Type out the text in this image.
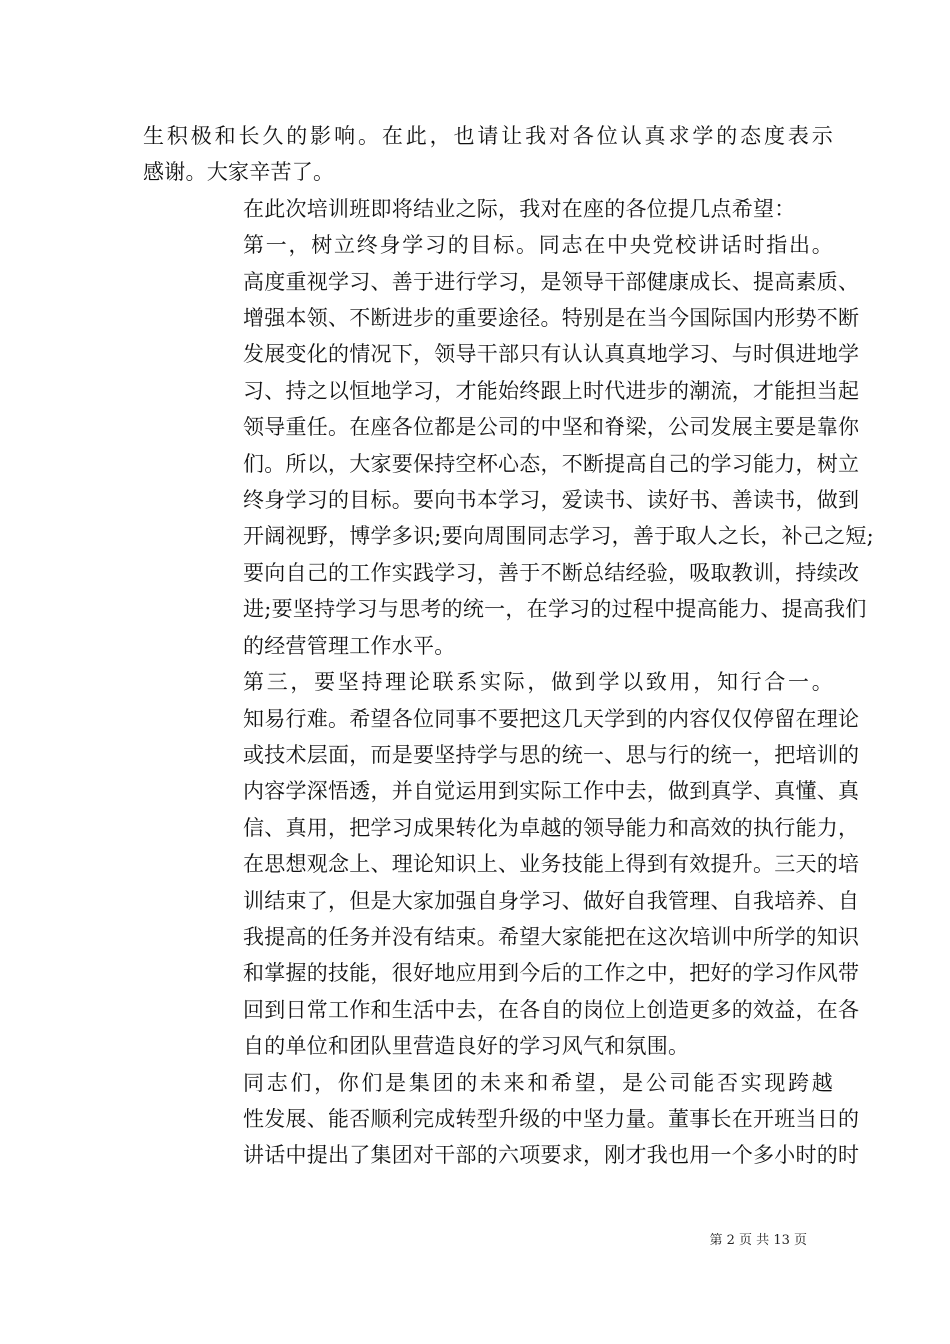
生积极和长久的影响。在此，也请让我对各位认真求学的态度表示
感谢。大家辛苦了。

在此次培训班即将结业之际，我对在座的各位提几点希望：

第一，树立终身学习的目标。同志在中央党校讲话时指出。
高度重视学习、善于进行学习，是领导干部健康成长、提高素质、
增强本领、不断进步的重要途径。特别是在当今国际国内形势不断
发展变化的情况下，领导干部只有认认真真地学习、与时俱进地学
习、持之以恒地学习，才能始终跟上时代进步的潮流，才能担当起
领导重任。在座各位都是公司的中坚和脊梁，公司发展主要是靠你
们。所以，大家要保持空杯心态，不断提高自己的学习能力，树立
终身学习的目标。要向书本学习，爱读书、读好书、善读书，做到
开阔视野，博学多识;要向周围同志学习，善于取人之长，补己之短;
要向自己的工作实践学习，善于不断总结经验，吸取教训，持续改
进;要坚持学习与思考的统一，在学习的过程中提高能力、提高我们
的经营管理工作水平。

第三，要坚持理论联系实际，做到学以致用，知行合一。
知易行难。希望各位同事不要把这几天学到的内容仅仅停留在理论
或技术层面，而是要坚持学与思的统一、思与行的统一，把培训的
内容学深悟透，并自觉运用到实际工作中去，做到真学、真懂、真
信、真用，把学习成果转化为卓越的领导能力和高效的执行能力，
在思想观念上、理论知识上、业务技能上得到有效提升。三天的培
训结束了，但是大家加强自身学习、做好自我管理、自我培养、自
我提高的任务并没有结束。希望大家能把在这次培训中所学的知识
和掌握的技能，很好地应用到今后的工作之中，把好的学习作风带
回到日常工作和生活中去，在各自的岗位上创造更多的效益，在各
自的单位和团队里营造良好的学习风气和氛围。

同志们，你们是集团的未来和希望，是公司能否实现跨越
性发展、能否顺利完成转型升级的中坚力量。董事长在开班当日的
讲话中提出了集团对干部的六项要求，刚才我也用一个多小时的时

第 2 页 共 13 页
